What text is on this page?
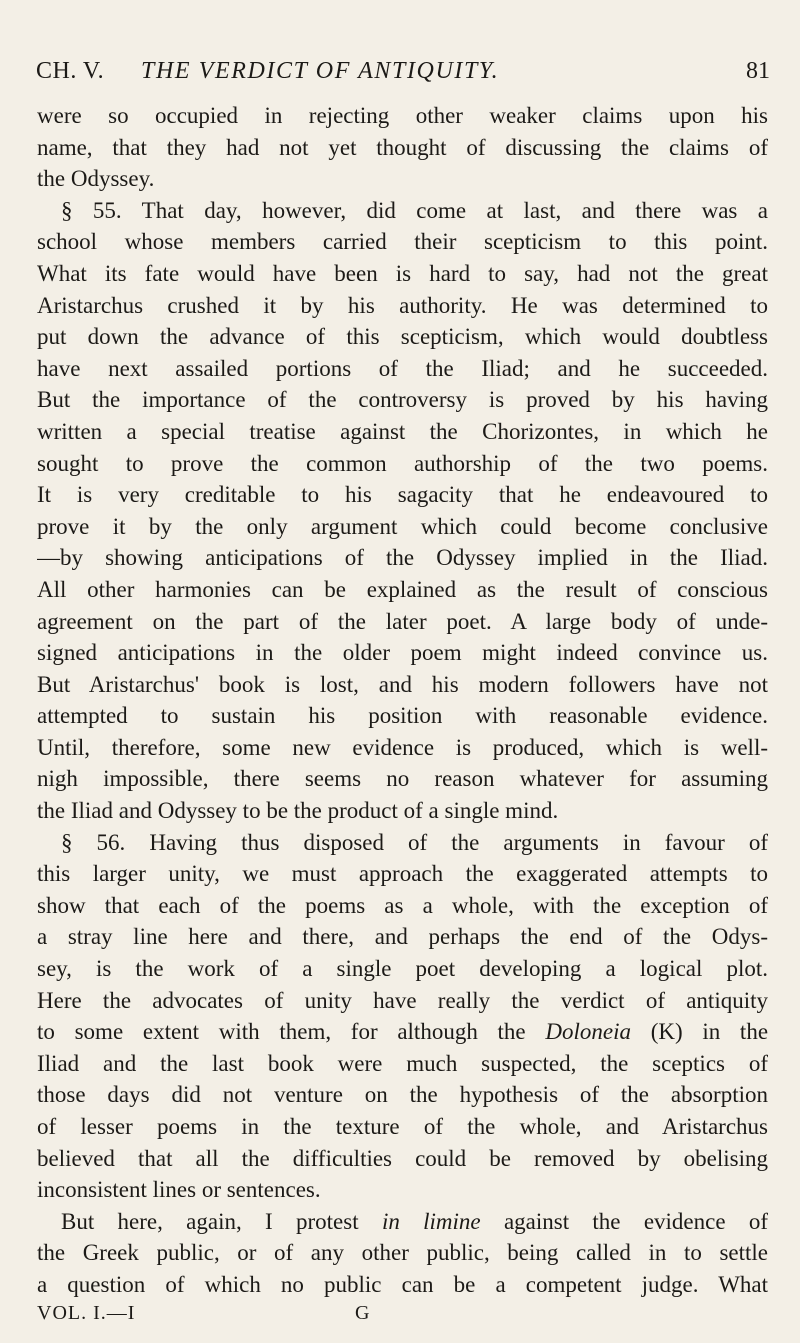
CH. V. THE VERDICT OF ANTIQUITY.	81
were so occupied in rejecting other weaker claims upon his
name, that they had not yet thought of discussing the claims of
the Odyssey.
§ 55. That day, however, did come at last, and there was a
school whose members carried their scepticism to this point.
What its fate would have been is hard to say, had not the great
Aristarchus crushed it by his authority. He was determined to
put down the advance of this scepticism, which would doubtless
have next assailed portions of the Iliad; and he succeeded.
But the importance of the controversy is proved by his having
written a special treatise against the Chorizontes, in which he
sought to prove the common authorship of the two poems.
It is very creditable to his sagacity that he endeavoured to
prove it by the only argument which could become conclusive
—by showing anticipations of the Odyssey implied in the Iliad.
All other harmonies can be explained as the result of conscious
agreement on the part of the later poet. A large body of unde-
signed anticipations in the older poem might indeed convince us.
But Aristarchus' book is lost, and his modern followers have not
attempted to sustain his position with reasonable evidence.
Until, therefore, some new evidence is produced, which is well-
nigh impossible, there seems no reason whatever for assuming
the Iliad and Odyssey to be the product of a single mind.
§ 56. Having thus disposed of the arguments in favour of
this larger unity, we must approach the exaggerated attempts to
show that each of the poems as a whole, with the exception of
a stray line here and there, and perhaps the end of the Odys-
sey, is the work of a single poet developing a logical plot.
Here the advocates of unity have really the verdict of antiquity
to some extent with them, for although the Doloneia (K) in the
Iliad and the last book were much suspected, the sceptics of
those days did not venture on the hypothesis of the absorption
of lesser poems in the texture of the whole, and Aristarchus
believed that all the difficulties could be removed by obelising
inconsistent lines or sentences.
But here, again, I protest in limine against the evidence of
the Greek public, or of any other public, being called in to settle
a question of which no public can be a competent judge. What
VOL. I.—I	G
